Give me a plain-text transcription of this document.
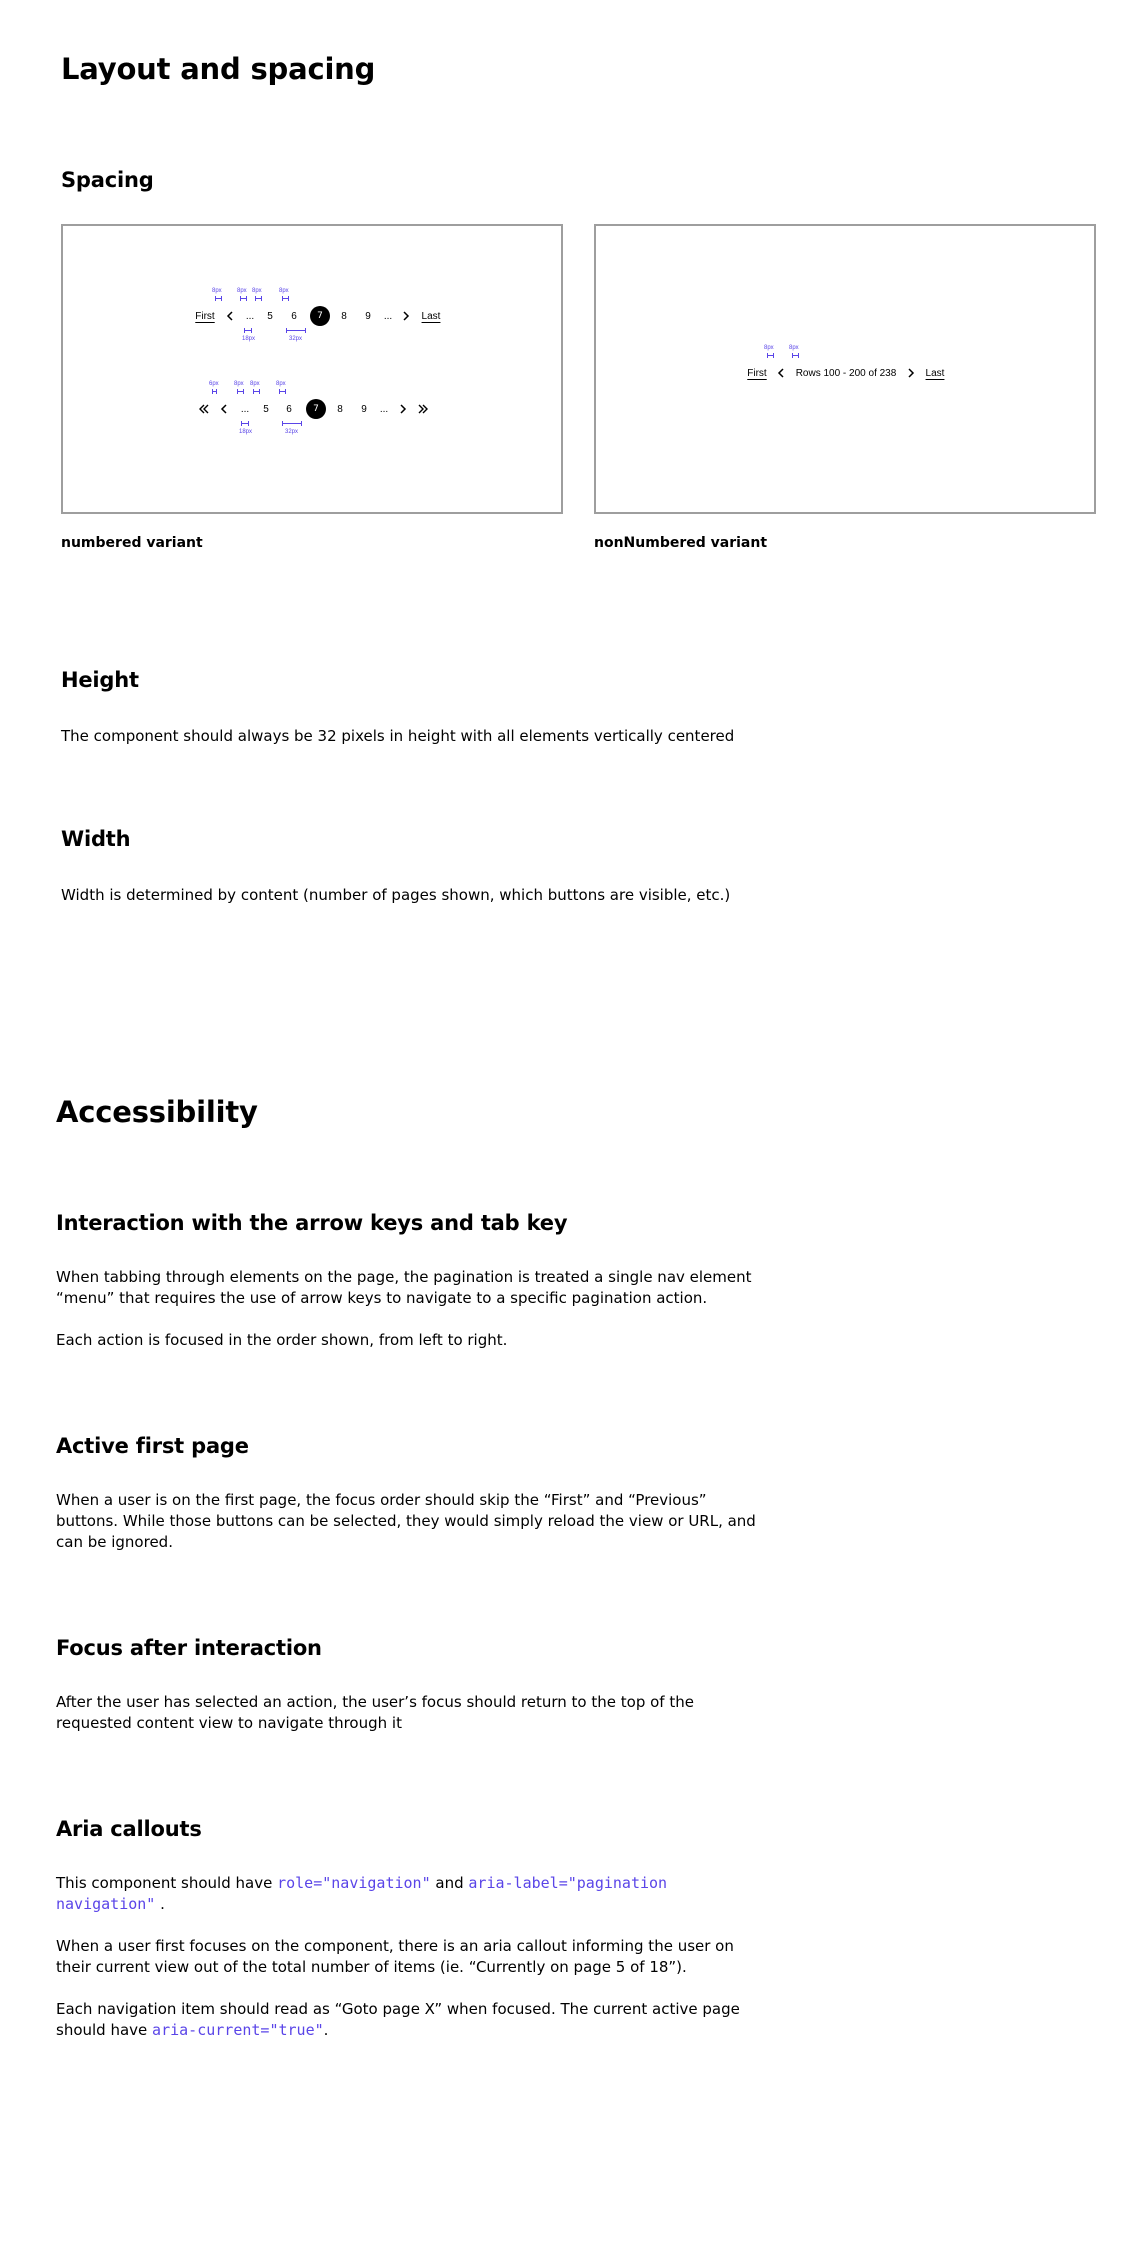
Layout and spacing
Spacing
8px	8px 8px	8px
First	...	5	6	7	8	9	...	Last
18px	32px
6px	8px 8px	8px
...	5	6	7	8	9	...
18px	32px
8px	8px
First	Rows 100 - 200 of 238	Last
numbered variant	nonNumbered variant
Height

The component should always be 32 pixels in height with all elements vertically centered

Width

Width is determined by content (number of pages shown, which buttons are visible, etc.)

Accessibility
Interaction with the arrow keys and tab key

When tabbing through elements on the page, the pagination is treated a single nav element “menu” that requires the use of arrow keys to navigate to a specific pagination action.

Each action is focused in the order shown, from left to right.

Active first page

When a user is on the first page, the focus order should skip the “First” and “Previous” buttons. While those buttons can be selected, they would simply reload the view or URL, and can be ignored.

Focus after interaction

After the user has selected an action, the user’s focus should return to the top of the requested content view to navigate through it

Aria callouts

This component should have role="navigation" and aria-label="pagination navigation" .

When a user first focuses on the component, there is an aria callout informing the user on their current view out of the total number of items (ie. “Currently on page 5 of 18”).

Each navigation item should read as “Goto page X” when focused. The current active page should have aria-current="true".
